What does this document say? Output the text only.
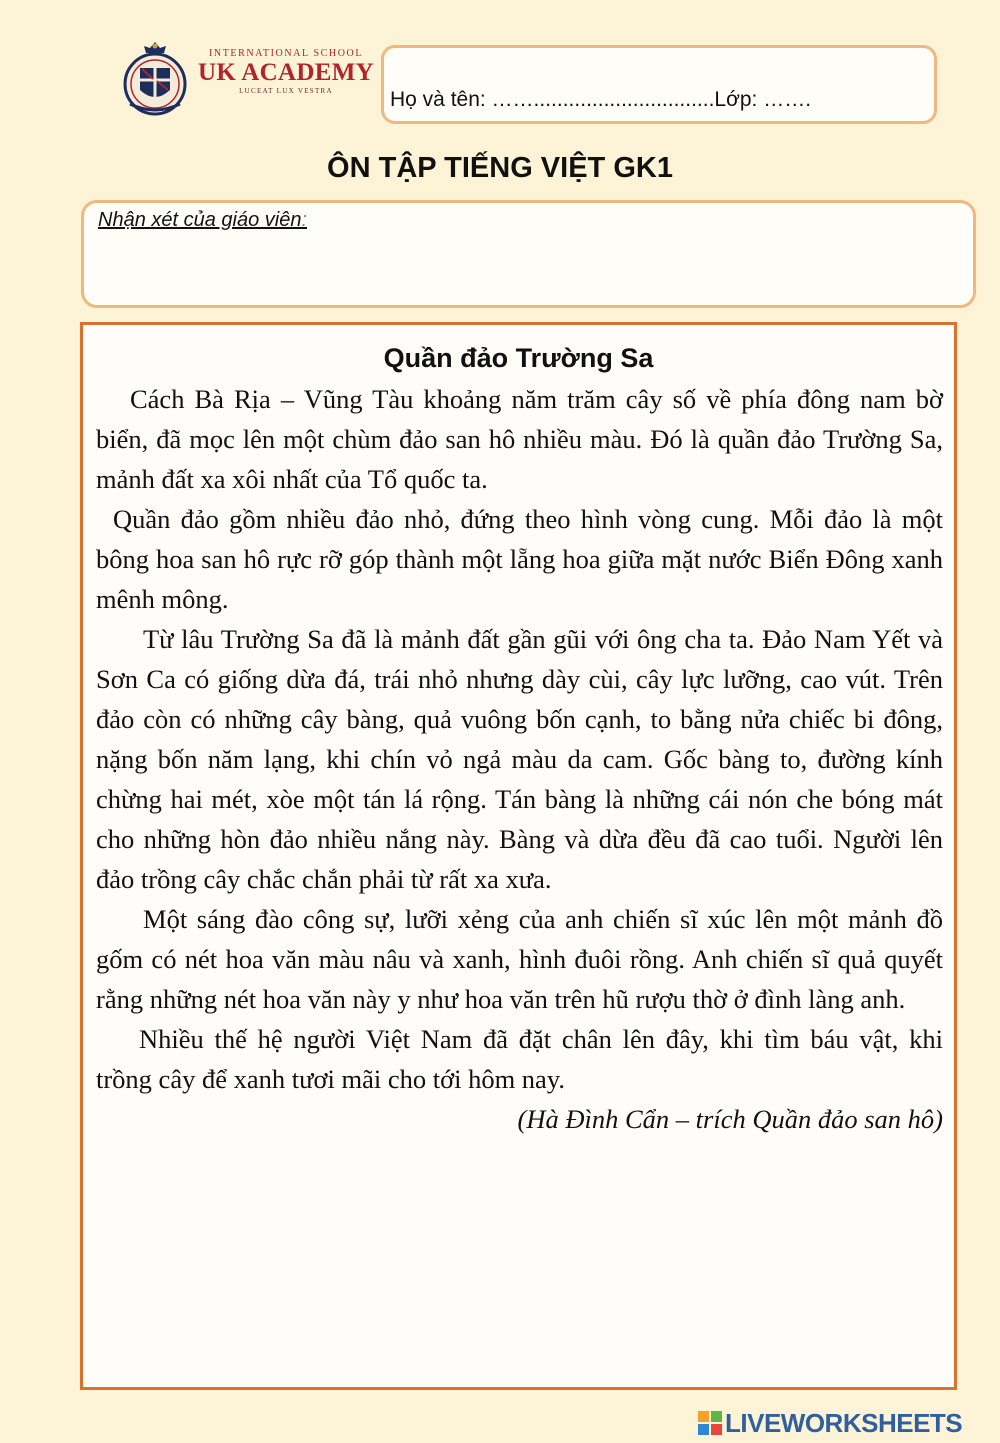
INTERNATIONAL SCHOOL
UK ACADEMY
LUCEAT LUX VESTRA	Họ và tên: ……...............................Lớp: …….
ÔN TẬP TIẾNG VIỆT GK1
Nhận xét của giáo viên:
Quần đảo Trường Sa

Cách Bà Rịa – Vũng Tàu khoảng năm trăm cây số về phía đông nam bờ biển, đã mọc lên một chùm đảo san hô nhiều màu. Đó là quần đảo Trường Sa, mảnh đất xa xôi nhất của Tổ quốc ta.

Quần đảo gồm nhiều đảo nhỏ, đứng theo hình vòng cung. Mỗi đảo là một bông hoa san hô rực rỡ góp thành một lẵng hoa giữa mặt nước Biển Đông xanh mênh mông.

Từ lâu Trường Sa đã là mảnh đất gần gũi với ông cha ta. Đảo Nam Yết và Sơn Ca có giống dừa đá, trái nhỏ nhưng dày cùi, cây lực lưỡng, cao vút. Trên đảo còn có những cây bàng, quả vuông bốn cạnh, to bằng nửa chiếc bi đông, nặng bốn năm lạng, khi chín vỏ ngả màu da cam. Gốc bàng to, đường kính chừng hai mét, xòe một tán lá rộng. Tán bàng là những cái nón che bóng mát cho những hòn đảo nhiều nắng này. Bàng và dừa đều đã cao tuổi. Người lên đảo trồng cây chắc chắn phải từ rất xa xưa.

Một sáng đào công sự, lưỡi xẻng của anh chiến sĩ xúc lên một mảnh đồ gốm có nét hoa văn màu nâu và xanh, hình đuôi rồng. Anh chiến sĩ quả quyết rằng những nét hoa văn này y như hoa văn trên hũ rượu thờ ở đình làng anh.

Nhiều thế hệ người Việt Nam đã đặt chân lên đây, khi tìm báu vật, khi trồng cây để xanh tươi mãi cho tới hôm nay.

(Hà Đình Cẩn – trích Quần đảo san hô)

LIVEWORKSHEETS
